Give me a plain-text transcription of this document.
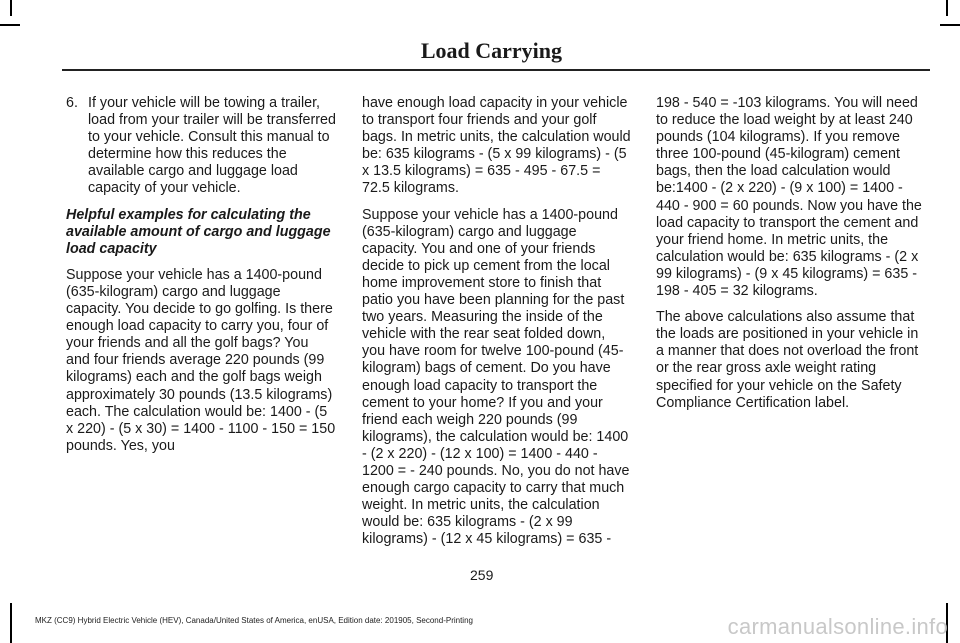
Load Carrying
6. If your vehicle will be towing a trailer, load from your trailer will be transferred to your vehicle. Consult this manual to determine how this reduces the available cargo and luggage load capacity of your vehicle.

Helpful examples for calculating the available amount of cargo and luggage load capacity

Suppose your vehicle has a 1400-pound (635-kilogram) cargo and luggage capacity. You decide to go golfing. Is there enough load capacity to carry you, four of your friends and all the golf bags? You and four friends average 220 pounds (99 kilograms) each and the golf bags weigh approximately 30 pounds (13.5 kilograms) each. The calculation would be: 1400 - (5 x 220) - (5 x 30) = 1400 - 1100 - 150 = 150 pounds. Yes, you

have enough load capacity in your vehicle to transport four friends and your golf bags. In metric units, the calculation would be: 635 kilograms - (5 x 99 kilograms) - (5 x 13.5 kilograms) = 635 - 495 - 67.5 = 72.5 kilograms.

Suppose your vehicle has a 1400-pound (635-kilogram) cargo and luggage capacity. You and one of your friends decide to pick up cement from the local home improvement store to finish that patio you have been planning for the past two years. Measuring the inside of the vehicle with the rear seat folded down, you have room for twelve 100-pound (45-kilogram) bags of cement. Do you have enough load capacity to transport the cement to your home? If you and your friend each weigh 220 pounds (99 kilograms), the calculation would be: 1400 - (2 x 220) - (12 x 100) = 1400 - 440 - 1200 = - 240 pounds. No, you do not have enough cargo capacity to carry that much weight. In metric units, the calculation would be: 635 kilograms - (2 x 99 kilograms) - (12 x 45 kilograms) = 635 -

198 - 540 = -103 kilograms. You will need to reduce the load weight by at least 240 pounds (104 kilograms). If you remove three 100-pound (45-kilogram) cement bags, then the load calculation would be:1400 - (2 x 220) - (9 x 100) = 1400 - 440 - 900 = 60 pounds. Now you have the load capacity to transport the cement and your friend home. In metric units, the calculation would be: 635 kilograms - (2 x 99 kilograms) - (9 x 45 kilograms) = 635 - 198 - 405 = 32 kilograms.

The above calculations also assume that the loads are positioned in your vehicle in a manner that does not overload the front or the rear gross axle weight rating specified for your vehicle on the Safety Compliance Certification label.

259
MKZ (CC9) Hybrid Electric Vehicle (HEV), Canada/United States of America, enUSA, Edition date: 201905, Second-Printing	carmanualsonline.info
